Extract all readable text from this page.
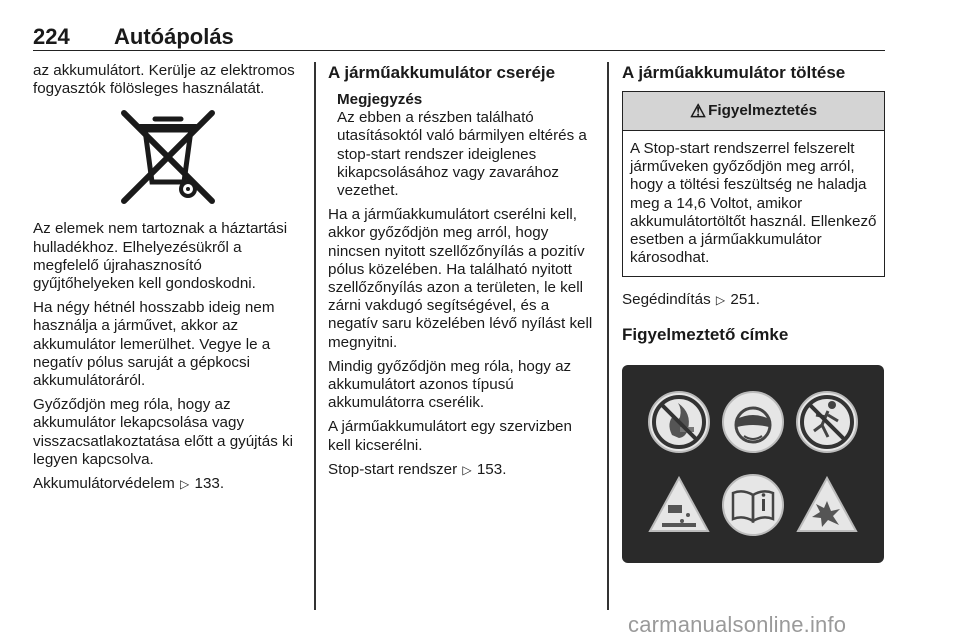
224 Autóápolás

az akkumulátort. Kerülje az elektromos fogyasztók fölösleges használatát.

Az elemek nem tartoznak a háztartási hulladékhoz. Elhelyezésükről a megfelelő újrahasznosító gyűjtőhelyeken kell gondoskodni.

Ha négy hétnél hosszabb ideig nem használja a járművet, akkor az akkumulátor lemerülhet. Vegye le a negatív pólus saruját a gépkocsi akkumulátoráról.

Győződjön meg róla, hogy az akkumulátor lekapcsolása vagy visszacsatlakoztatása előtt a gyújtás ki legyen kapcsolva.

Akkumulátorvédelem ▷ 133.

A járműakkumulátor cseréje
Megjegyzés
Az ebben a részben található utasításoktól való bármilyen eltérés a stop-start rendszer ideiglenes kikapcsolásához vagy zavarához vezethet.

Ha a járműakkumulátort cserélni kell, akkor győződjön meg arról, hogy nincsen nyitott szellőzőnyílás a pozitív pólus közelében. Ha található nyitott szellőzőnyílás azon a területen, le kell zárni vakdugó segítségével, és a negatív saru közelében lévő nyílást kell megnyitni.

Mindig győződjön meg róla, hogy az akkumulátort azonos típusú akkumulátorra cserélik.

A járműakkumulátort egy szervizben kell kicserélni.

Stop-start rendszer ▷ 153.

A járműakkumulátor töltése
⚠ Figyelmeztetés
A Stop-start rendszerrel felszerelt járműveken győződjön meg arról, hogy a töltési feszültség ne haladja meg a 14,6 Voltot, amikor akkumulátortöltőt használ. Ellenkező esetben a járműakkumulátor károsodhat.

Segédindítás ▷ 251.

Figyelmeztető címke
carmanualsonline.info
